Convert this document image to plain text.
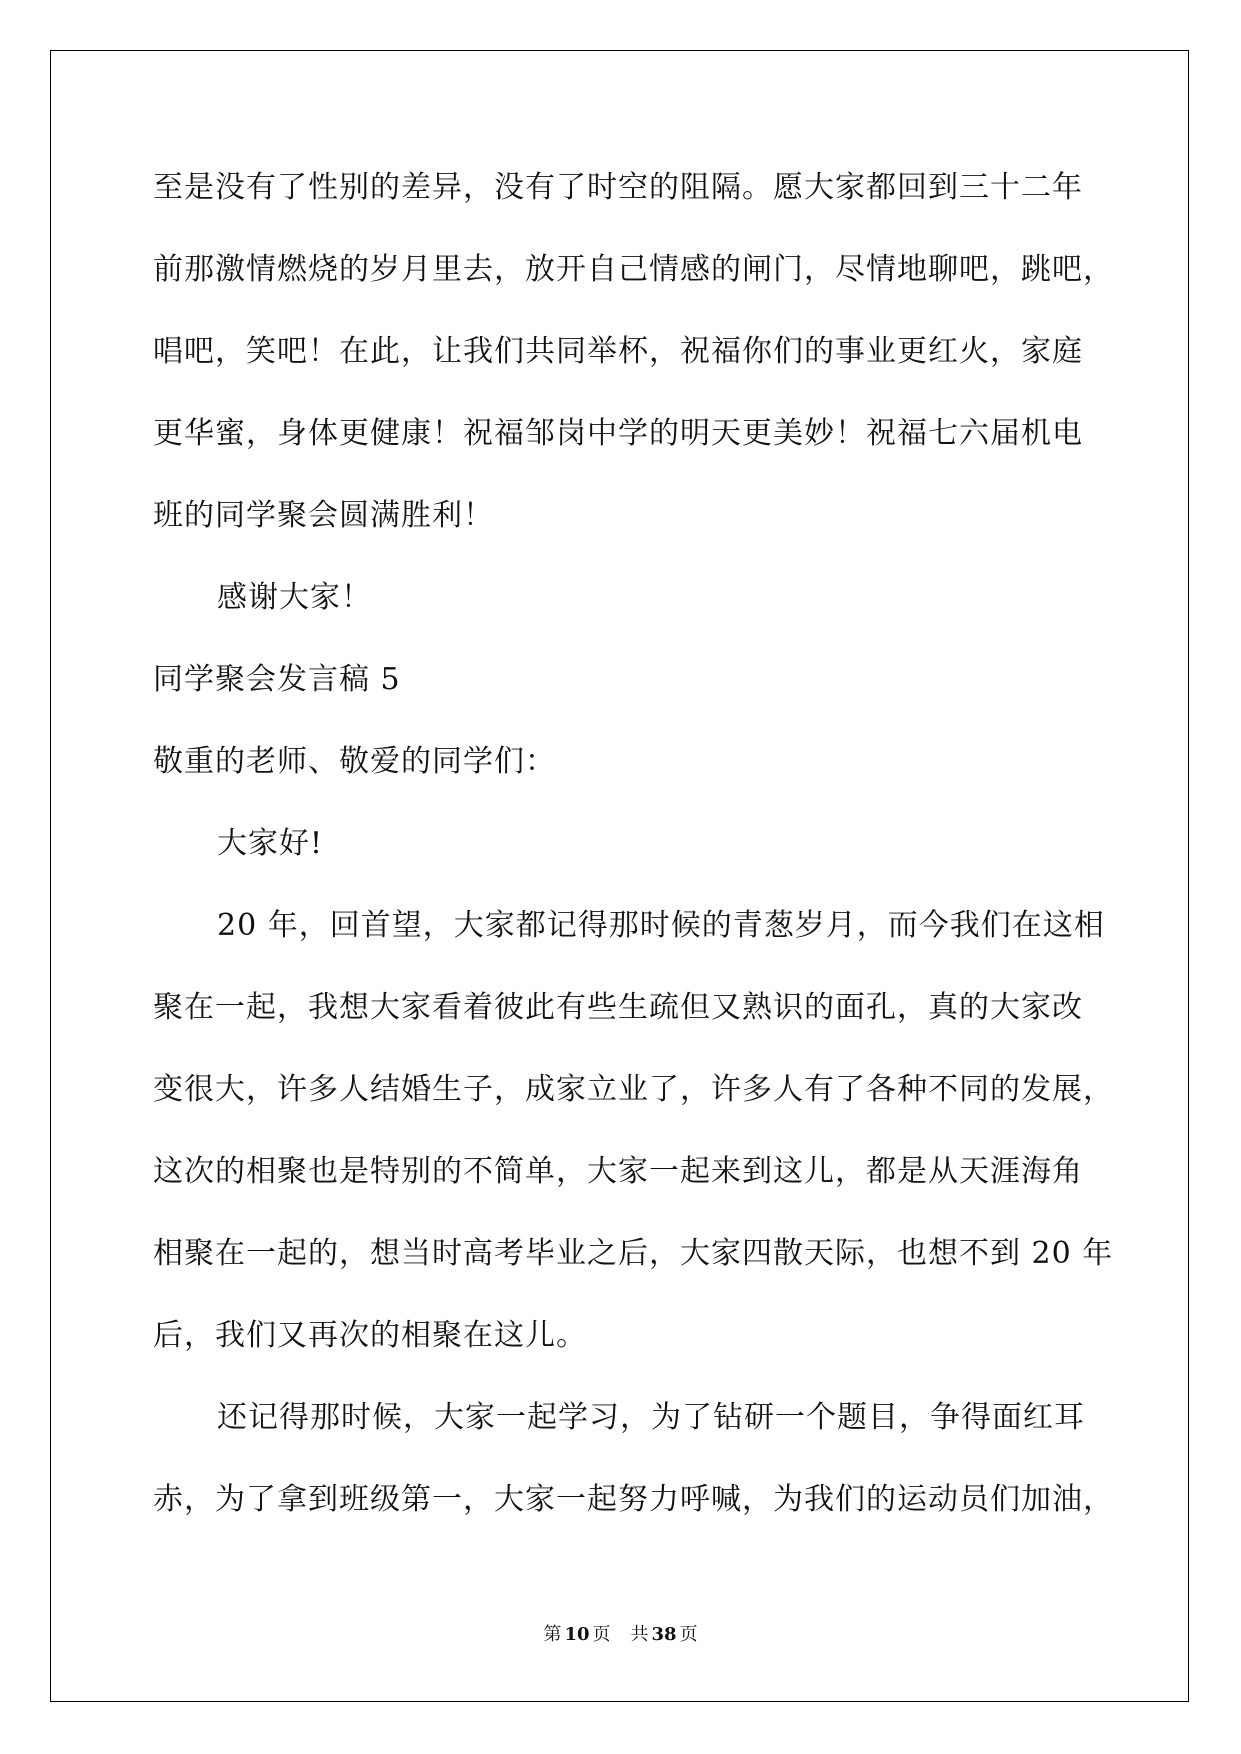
至是没有了性别的差异，没有了时空的阻隔。愿大家都回到三十二年
前那激情燃烧的岁月里去，放开自己情感的闸门，尽情地聊吧，跳吧，
唱吧，笑吧！在此，让我们共同举杯，祝福你们的事业更红火，家庭
更华蜜，身体更健康！祝福邹岗中学的明天更美妙！祝福七六届机电
班的同学聚会圆满胜利！
感谢大家！
同学聚会发言稿 5
敬重的老师、敬爱的同学们：
大家好!
20 年，回首望，大家都记得那时候的青葱岁月，而今我们在这相
聚在一起，我想大家看着彼此有些生疏但又熟识的面孔，真的大家改
变很大，许多人结婚生子，成家立业了，许多人有了各种不同的发展，
这次的相聚也是特别的不简单，大家一起来到这儿，都是从天涯海角
相聚在一起的，想当时高考毕业之后，大家四散天际，也想不到 20 年
后，我们又再次的相聚在这儿。
还记得那时候，大家一起学习，为了钻研一个题目，争得面红耳
赤，为了拿到班级第一，大家一起努力呼喊，为我们的运动员们加油，
第 10 页 共 38 页
